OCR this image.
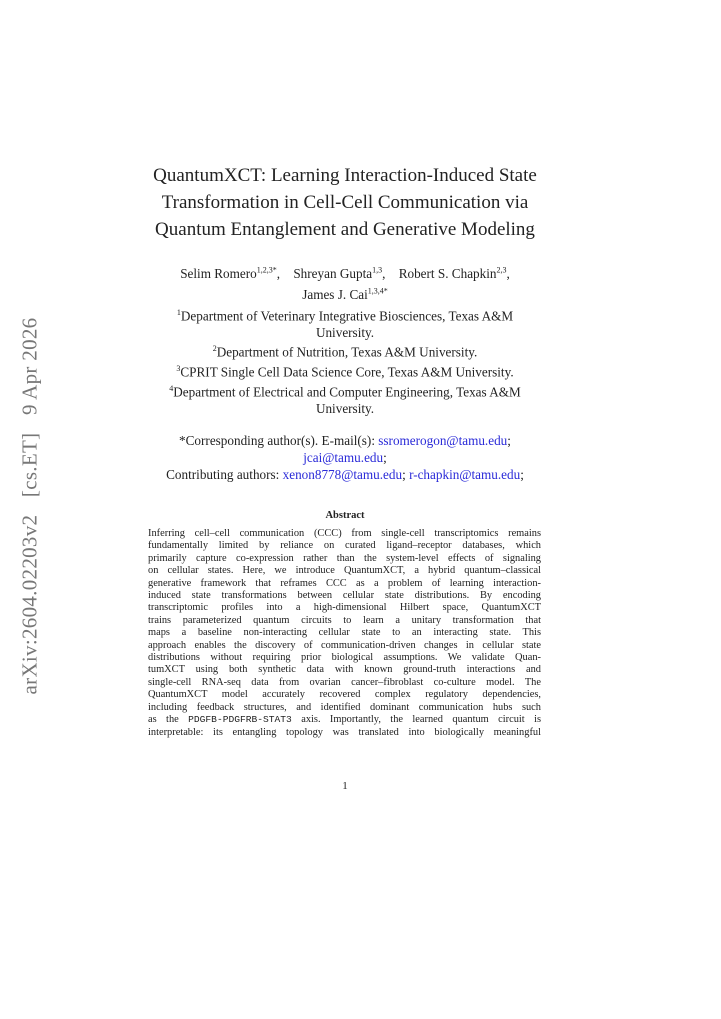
arXiv:2604.02203v2 [cs.ET] 9 Apr 2026
QuantumXCT: Learning Interaction-Induced State
Transformation in Cell-Cell Communication via
Quantum Entanglement and Generative Modeling
Selim Romero$^{1,2,3*}$, Shreyan Gupta$^{1,3}$, Robert S. Chapkin$^{2,3}$,
James J. Cai$^{1,3,4*}$
$^1$Department of Veterinary Integrative Biosciences, Texas A&M
University.
$^2$Department of Nutrition, Texas A&M University.
$^3$CPRIT Single Cell Data Science Core, Texas A&M University.
$^4$Department of Electrical and Computer Engineering, Texas A&M
University.
*Corresponding author(s). E-mail(s): ssromerogon@tamu.edu;
jcai@tamu.edu;
Contributing authors: xenon8778@tamu.edu; r-chapkin@tamu.edu;
Abstract
Inferring cell–cell communication (CCC) from single-cell transcriptomics remains
fundamentally limited by reliance on curated ligand–receptor databases, which
primarily capture co-expression rather than the system-level effects of signaling
on cellular states. Here, we introduce QuantumXCT, a hybrid quantum–classical
generative framework that reframes CCC as a problem of learning interaction-
induced state transformations between cellular state distributions. By encoding
transcriptomic profiles into a high-dimensional Hilbert space, QuantumXCT
trains parameterized quantum circuits to learn a unitary transformation that
maps a baseline non-interacting cellular state to an interacting state. This
approach enables the discovery of communication-driven changes in cellular state
distributions without requiring prior biological assumptions. We validate Quan-
tumXCT using both synthetic data with known ground-truth interactions and
single-cell RNA-seq data from ovarian cancer–fibroblast co-culture model. The
QuantumXCT model accurately recovered complex regulatory dependencies,
including feedback structures, and identified dominant communication hubs such
as the PDGFB-PDGFRB-STAT3 axis. Importantly, the learned quantum circuit is
interpretable: its entangling topology was translated into biologically meaningful
1
